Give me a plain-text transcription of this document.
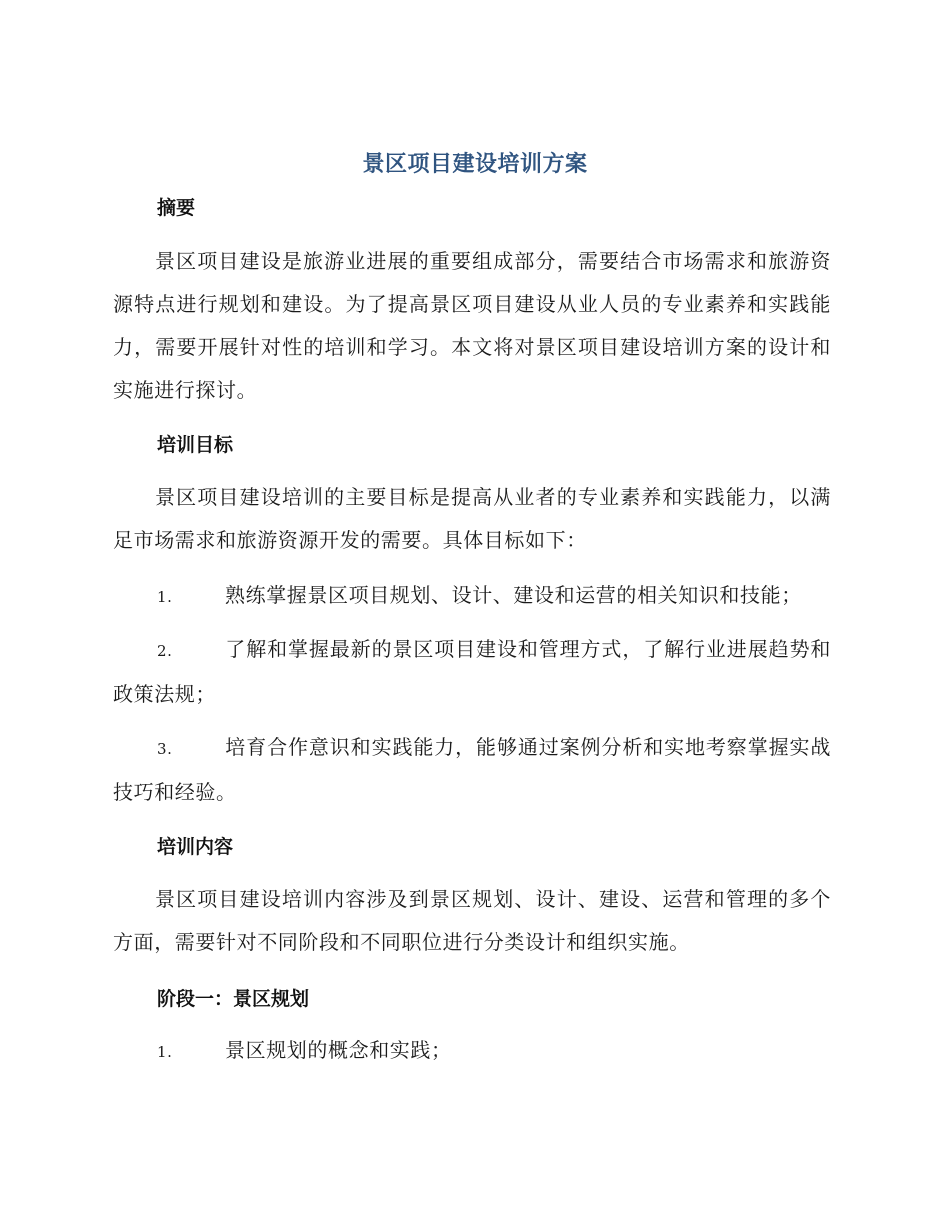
景区项目建设培训方案
摘要
景区项目建设是旅游业进展的重要组成部分，需要结合市场需求和旅游资源特点进行规划和建设。为了提高景区项目建设从业人员的专业素养和实践能力，需要开展针对性的培训和学习。本文将对景区项目建设培训方案的设计和实施进行探讨。
培训目标
景区项目建设培训的主要目标是提高从业者的专业素养和实践能力，以满足市场需求和旅游资源开发的需要。具体目标如下：
1.	熟练掌握景区项目规划、设计、建设和运营的相关知识和技能；
2.	了解和掌握最新的景区项目建设和管理方式，了解行业进展趋势和政策法规；
3.	培育合作意识和实践能力，能够通过案例分析和实地考察掌握实战技巧和经验。
培训内容
景区项目建设培训内容涉及到景区规划、设计、建设、运营和管理的多个方面，需要针对不同阶段和不同职位进行分类设计和组织实施。
阶段一：景区规划
1.	景区规划的概念和实践；
